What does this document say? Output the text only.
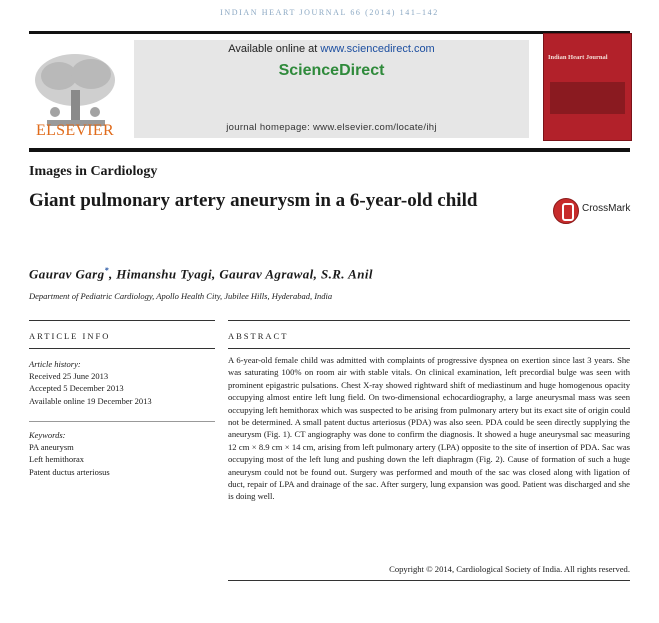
INDIAN HEART JOURNAL 66 (2014) 141–142
ELSEVIER
Available online at www.sciencedirect.com
ScienceDirect
journal homepage: www.elsevier.com/locate/ihj
Indian Heart Journal
Images in Cardiology
Giant pulmonary artery aneurysm in a 6-year-old child	CrossMark
Gaurav Garg*, Himanshu Tyagi, Gaurav Agrawal, S.R. Anil
Department of Pediatric Cardiology, Apollo Health City, Jubilee Hills, Hyderabad, India
ARTICLE INFO	ABSTRACT
Article history:
Received 25 June 2013
Accepted 5 December 2013
Available online 19 December 2013
Keywords:
PA aneurysm
Left hemithorax
Patent ductus arteriosus
A 6-year-old female child was admitted with complaints of progressive dyspnea on exertion since last 3 years. She was saturating 100% on room air with stable vitals. On clinical examination, left precordial bulge was seen with prominent epigastric pulsations. Chest X-ray showed rightward shift of mediastinum and huge homogenous opacity occupying almost entire left lung field. On two-dimensional echocardiography, a large aneurysmal mass was seen occupying left hemithorax which was suspected to be arising from pulmonary artery but its exact site of origin could not be determined. A small patent ductus arteriosus (PDA) was also seen. PDA could be seen directly supplying the aneurysm (Fig. 1). CT angiography was done to confirm the diagnosis. It showed a huge aneurysmal sac measuring 12 cm × 8.9 cm × 14 cm, arising from left pulmonary artery (LPA) opposite to the site of insertion of PDA. Sac was occupying most of the left lung and pushing down the left diaphragm (Fig. 2). Cause of formation of such a huge aneurysm could not be found out. Surgery was performed and mouth of the sac was closed along with ligation of duct, repair of LPA and drainage of the sac. After surgery, lung expansion was good. Patient was discharged and she is doing well.
Copyright © 2014, Cardiological Society of India. All rights reserved.
